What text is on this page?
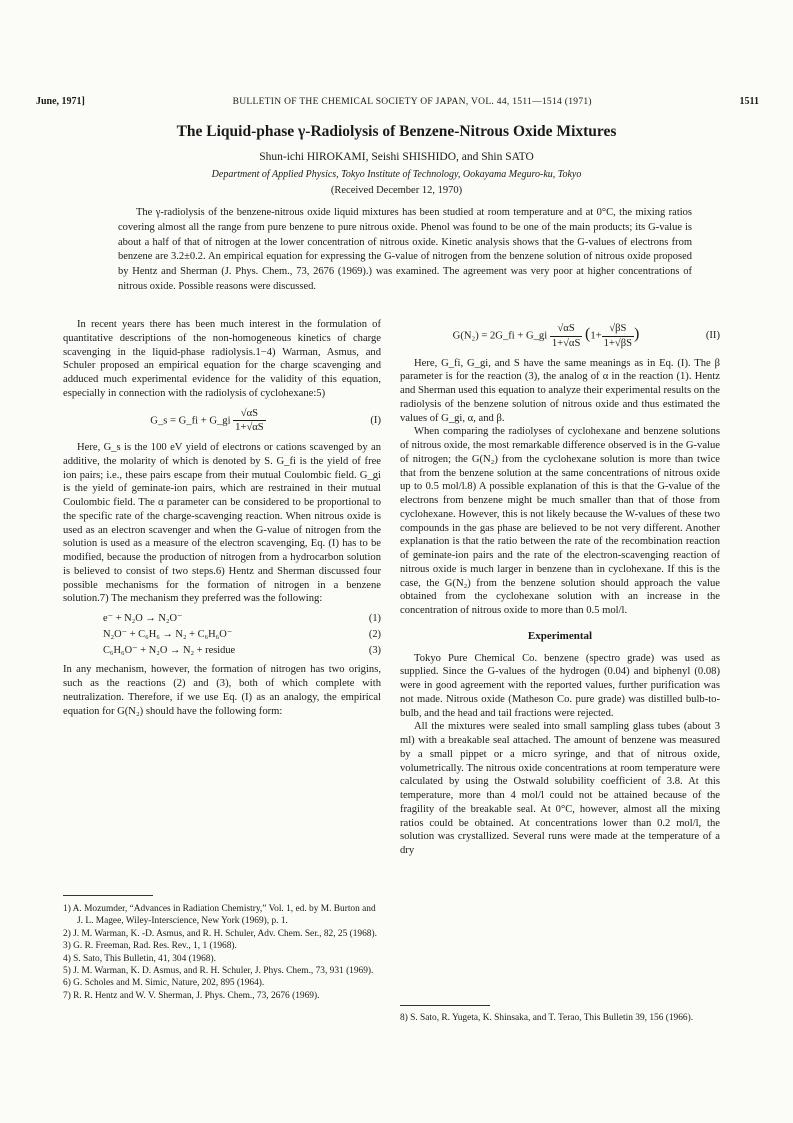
June, 1971]	BULLETIN OF THE CHEMICAL SOCIETY OF JAPAN, VOL. 44, 1511—1514 (1971)	1511
The Liquid-phase γ-Radiolysis of Benzene-Nitrous Oxide Mixtures
Shun-ichi HIROKAMI, Seishi SHISHIDO, and Shin SATO
Department of Applied Physics, Tokyo Institute of Technology, Ookayama Meguro-ku, Tokyo
(Received December 12, 1970)
The γ-radiolysis of the benzene-nitrous oxide liquid mixtures has been studied at room temperature and at 0°C, the mixing ratios covering almost all the range from pure benzene to pure nitrous oxide. Phenol was found to be one of the main products; its G-value is about a half of that of nitrogen at the lower concentration of nitrous oxide. Kinetic analysis shows that the G-values of electrons from benzene are 3.2±0.2. An empirical equation for expressing the G-value of nitrogen from the benzene solution of nitrous oxide proposed by Hentz and Sherman (J. Phys. Chem., 73, 2676 (1969).) was examined. The agreement was very poor at higher concentrations of nitrous oxide. Possible reasons were discussed.

In recent years there has been much interest in the formulation of quantitative descriptions of the non-homogeneous kinetics of charge scavenging in the liquid-phase radiolysis.1−4) Warman, Asmus, and Schuler proposed an empirical equation for the charge scavenging and adduced much experimental evidence for the validity of this equation, especially in connection with the radiolysis of cyclohexane:5)

G_s = G_fi + G_gi $\frac{√\alpha S}{1+√\alpha S}$	(I)

Here, G_s is the 100 eV yield of electrons or cations scavenged by an additive, the molarity of which is denoted by S. G_fi is the yield of free ion pairs; i.e., these pairs escape from their mutual Coulombic field. G_gi is the yield of geminate-ion pairs, which are restrained in their mutual Coulombic field. The α parameter can be considered to be proportional to the specific rate of the charge-scavenging reaction. When nitrous oxide is used as an electron scavenger and when the G-value of nitrogen from the solution is used as a measure of the electron scavenging, Eq. (I) has to be modified, because the production of nitrogen from a hydrocarbon solution is believed to consist of two steps.6) Hentz and Sherman discussed four possible mechanisms for the formation of nitrogen in a benzene solution.7) The mechanism they preferred was the following:

e⁻ + N₂O → N₂O⁻	(1)
N₂O⁻ + C₆H₆ → N₂ + C₆H₆O⁻	(2)
C₆H₆O⁻ + N₂O → N₂ + residue	(3)

In any mechanism, however, the formation of nitrogen has two origins, such as the reactions (2) and (3), both of which complete with neutralization. Therefore, if we use Eq. (I) as an analogy, the empirical equation for G(N₂) should have the following form:

1) A. Mozumder, “Advances in Radiation Chemistry,” Vol. 1, ed. by M. Burton and J. L. Magee, Wiley-Interscience, New York (1969), p. 1.

2) J. M. Warman, K. -D. Asmus, and R. H. Schuler, Adv. Chem. Ser., 82, 25 (1968).

3) G. R. Freeman, Rad. Res. Rev., 1, 1 (1968).

4) S. Sato, This Bulletin, 41, 304 (1968).

5) J. M. Warman, K. D. Asmus, and R. H. Schuler, J. Phys. Chem., 73, 931 (1969).

6) G. Scholes and M. Simic, Nature, 202, 895 (1964).

7) R. R. Hentz and W. V. Sherman, J. Phys. Chem., 73, 2676 (1969).

G(N₂) = 2G_fi + G_gi $\frac{√\alpha S}{1+√\alpha S} (1+ \frac{√\beta S}{1+√\beta S}$ )	(II)

Here, G_fi, G_gi, and S have the same meanings as in Eq. (I). The β parameter is for the reaction (3), the analog of α in the reaction (1). Hentz and Sherman used this equation to analyze their experimental results on the radiolysis of the benzene solution of nitrous oxide and thus estimated the values of G_gi, α, and β.

When comparing the radiolyses of cyclohexane and benzene solutions of nitrous oxide, the most remarkable difference observed is in the G-value of nitrogen; the G(N₂) from the cyclohexane solution is more than twice that from the benzene solution at the same concentrations of nitrous oxide up to 0.5 mol/l.8) A possible explanation of this is that the G-value of the electrons from benzene might be much smaller than that of those from cyclohexane. However, this is not likely because the W-values of these two compounds in the gas phase are believed to be not very different. Another explanation is that the ratio between the rate of the recombination reaction of geminate-ion pairs and the rate of the electron-scavenging reaction of nitrous oxide is much larger in benzene than in cyclohexane. If this is the case, the G(N₂) from the benzene solution should approach the value obtained from the cyclohexane solution with an increase in the concentration of nitrous oxide to more than 0.5 mol/l.

Experimental

Tokyo Pure Chemical Co. benzene (spectro grade) was used as supplied. Since the G-values of the hydrogen (0.04) and biphenyl (0.08) were in good agreement with the reported values, further purification was not made. Nitrous oxide (Matheson Co. pure grade) was distilled bulb-to-bulb, and the head and tail fractions were rejected.

All the mixtures were sealed into small sampling glass tubes (about 3 ml) with a breakable seal attached. The amount of benzene was measured by a small pippet or a micro syringe, and that of nitrous oxide, volumetrically. The nitrous oxide concentrations at room temperature were calculated by using the Ostwald solubility coefficient of 3.8. At this temperature, more than 4 mol/l could not be attained because of the fragility of the breakable seal. At 0°C, however, almost all the mixing ratios could be obtained. At concentrations lower than 0.2 mol/l, the solution was crystallized. Several runs were made at the temperature of a dry

8) S. Sato, R. Yugeta, K. Shinsaka, and T. Terao, This Bulletin 39, 156 (1966).
